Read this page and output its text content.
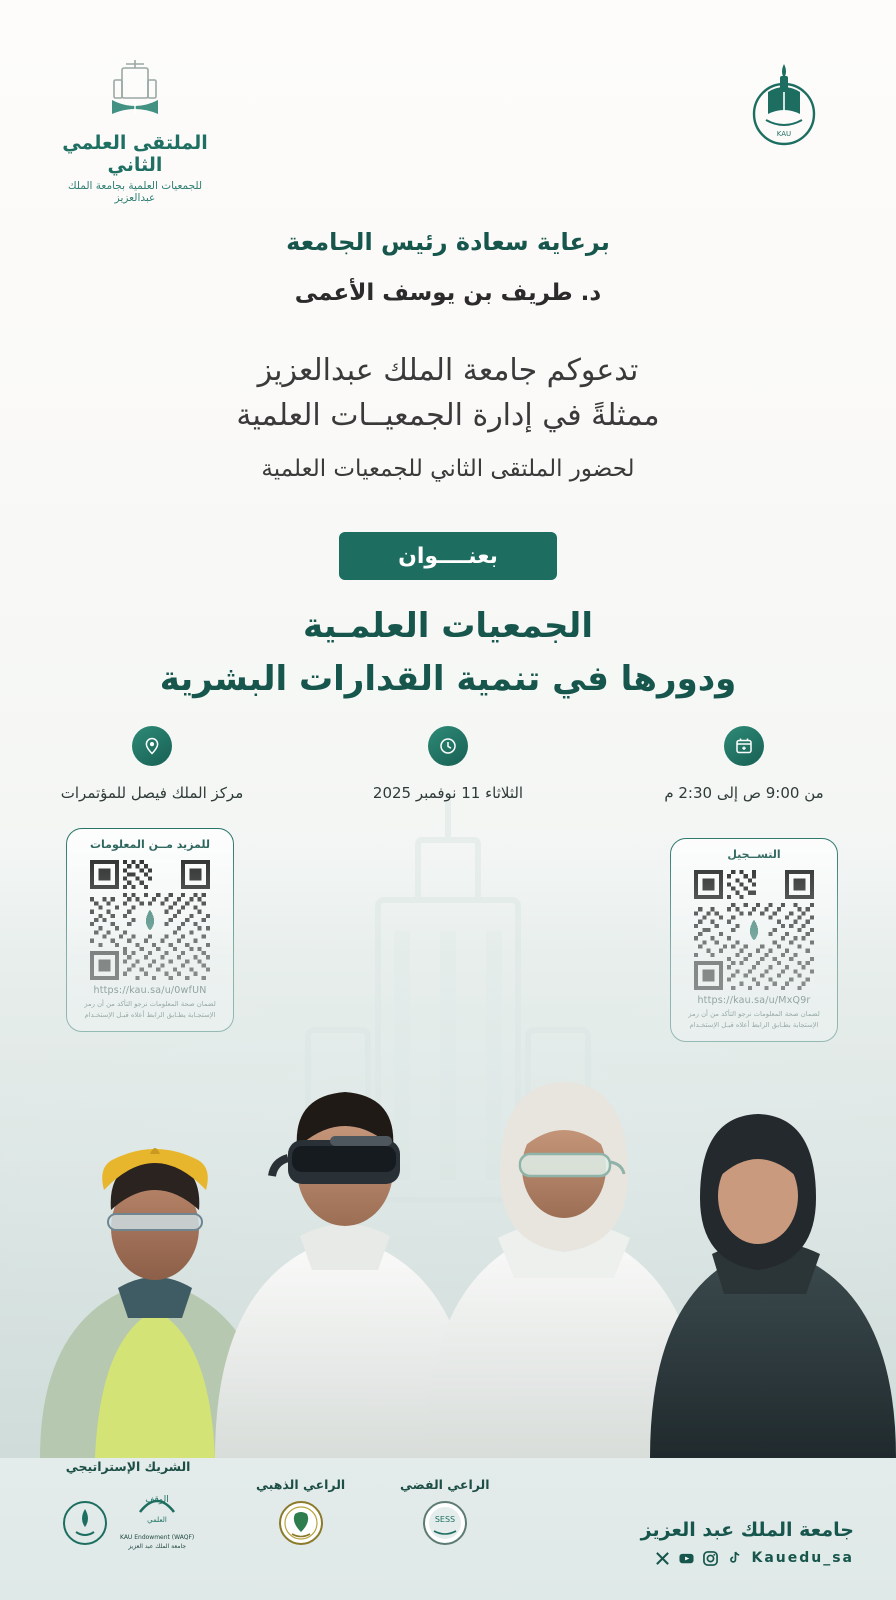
الملتقى العلمي الثاني
للجمعيات العلمية بجامعة الملك عبدالعزيز
KAU
برعاية سعادة رئيس الجامعة
د. طريف بن يوسف الأعمى
تدعوكم جامعة الملك عبدالعزيز
ممثلةً في إدارة الجمعيــات العلمية
لحضور الملتقى الثاني للجمعيات العلمية
بعنــــوان
الجمعيات العلمـية
ودورها في تنمية القدارات البشرية
من 9:00 ص إلى 2:30 م
الثلاثاء 11 نوفمبر 2025
مركز الملك فيصل للمؤتمرات
الشريك الإستراتيجي
الوقف
العلمي
KAU Endowment (WAQF)
جامعة الملك عبد العزيز
الراعي الذهبي	الراعي الفضي
SESS	جامعة الملك عبد العزيز
Kauedu_sa
